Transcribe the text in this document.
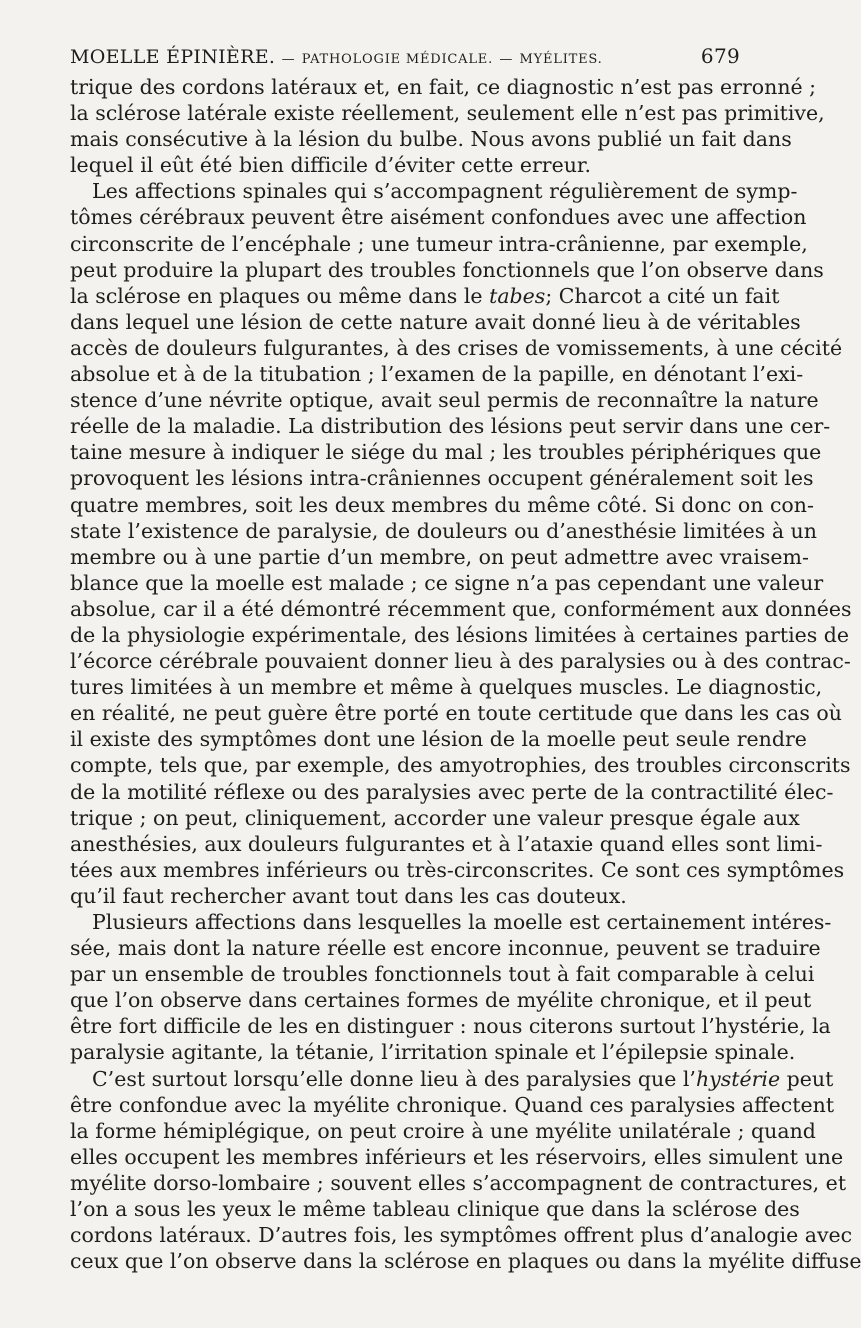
MOELLE ÉPINIÈRE. — PATHOLOGIE MÉDICALE. — MYÉLITES.	679
trique des cordons latéraux et, en fait, ce diagnostic n’est pas erronné ;
la sclérose latérale existe réellement, seulement elle n’est pas primitive,
mais consécutive à la lésion du bulbe. Nous avons publié un fait dans
lequel il eût été bien difficile d’éviter cette erreur.
Les affections spinales qui s’accompagnent régulièrement de symp-
tômes cérébraux peuvent être aisément confondues avec une affection
circonscrite de l’encéphale ; une tumeur intra-crânienne, par exemple,
peut produire la plupart des troubles fonctionnels que l’on observe dans
la sclérose en plaques ou même dans le tabes; Charcot a cité un fait
dans lequel une lésion de cette nature avait donné lieu à de véritables
accès de douleurs fulgurantes, à des crises de vomissements, à une cécité
absolue et à de la titubation ; l’examen de la papille, en dénotant l’exi-
stence d’une névrite optique, avait seul permis de reconnaître la nature
réelle de la maladie. La distribution des lésions peut servir dans une cer-
taine mesure à indiquer le siége du mal ; les troubles périphériques que
provoquent les lésions intra-crâniennes occupent généralement soit les
quatre membres, soit les deux membres du même côté. Si donc on con-
state l’existence de paralysie, de douleurs ou d’anesthésie limitées à un
membre ou à une partie d’un membre, on peut admettre avec vraisem-
blance que la moelle est malade ; ce signe n’a pas cependant une valeur
absolue, car il a été démontré récemment que, conformément aux données
de la physiologie expérimentale, des lésions limitées à certaines parties de
l’écorce cérébrale pouvaient donner lieu à des paralysies ou à des contrac-
tures limitées à un membre et même à quelques muscles. Le diagnostic,
en réalité, ne peut guère être porté en toute certitude que dans les cas où
il existe des symptômes dont une lésion de la moelle peut seule rendre
compte, tels que, par exemple, des amyotrophies, des troubles circonscrits
de la motilité réflexe ou des paralysies avec perte de la contractilité élec-
trique ; on peut, cliniquement, accorder une valeur presque égale aux
anesthésies, aux douleurs fulgurantes et à l’ataxie quand elles sont limi-
tées aux membres inférieurs ou très-circonscrites. Ce sont ces symptômes
qu’il faut rechercher avant tout dans les cas douteux.
Plusieurs affections dans lesquelles la moelle est certainement intéres-
sée, mais dont la nature réelle est encore inconnue, peuvent se traduire
par un ensemble de troubles fonctionnels tout à fait comparable à celui
que l’on observe dans certaines formes de myélite chronique, et il peut
être fort difficile de les en distinguer : nous citerons surtout l’hystérie, la
paralysie agitante, la tétanie, l’irritation spinale et l’épilepsie spinale.
C’est surtout lorsqu’elle donne lieu à des paralysies que l’hystérie peut
être confondue avec la myélite chronique. Quand ces paralysies affectent
la forme hémiplégique, on peut croire à une myélite unilatérale ; quand
elles occupent les membres inférieurs et les réservoirs, elles simulent une
myélite dorso-lombaire ; souvent elles s’accompagnent de contractures, et
l’on a sous les yeux le même tableau clinique que dans la sclérose des
cordons latéraux. D’autres fois, les symptômes offrent plus d’analogie avec
ceux que l’on observe dans la sclérose en plaques ou dans la myélite diffuse
